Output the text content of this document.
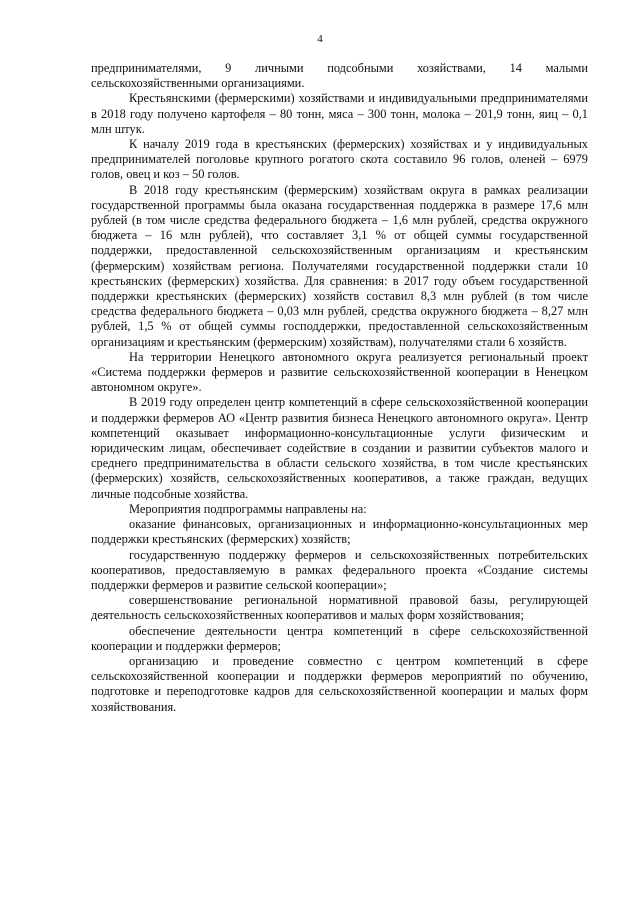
4

предпринимателями, 9 личными подсобными хозяйствами, 14 малыми сельскохозяйственными организациями.

Крестьянскими (фермерскими) хозяйствами и индивидуальными предпринимателями в 2018 году получено картофеля – 80 тонн, мяса – 300 тонн, молока – 201,9 тонн, яиц – 0,1 млн штук.

К началу 2019 года в крестьянских (фермерских) хозяйствах и у индивидуальных предпринимателей поголовье крупного рогатого скота составило 96 голов, оленей – 6979 голов, овец и коз – 50 голов.

В 2018 году крестьянским (фермерским) хозяйствам округа в рамках реализации государственной программы была оказана государственная поддержка в размере 17,6 млн рублей (в том числе средства федерального бюджета – 1,6 млн рублей, средства окружного бюджета – 16 млн рублей), что составляет 3,1 % от общей суммы государственной поддержки, предоставленной сельскохозяйственным организациям и крестьянским (фермерским) хозяйствам региона. Получателями государственной поддержки стали 10 крестьянских (фермерских) хозяйства. Для сравнения: в 2017 году объем государственной поддержки крестьянских (фермерских) хозяйств составил 8,3 млн рублей (в том числе средства федерального бюджета – 0,03 млн рублей, средства окружного бюджета – 8,27 млн рублей, 1,5 % от общей суммы господдержки, предоставленной сельскохозяйственным организациям и крестьянским (фермерским) хозяйствам), получателями стали 6 хозяйств.

На территории Ненецкого автономного округа реализуется региональный проект «Система поддержки фермеров и развитие сельскохозяйственной кооперации в Ненецком автономном округе».

В 2019 году определен центр компетенций в сфере сельскохозяйственной кооперации и поддержки фермеров АО «Центр развития бизнеса Ненецкого автономного округа». Центр компетенций оказывает информационно-консультационные услуги физическим и юридическим лицам, обеспечивает содействие в создании и развитии субъектов малого и среднего предпринимательства в области сельского хозяйства, в том числе крестьянских (фермерских) хозяйств, сельскохозяйственных кооперативов, а также граждан, ведущих личные подсобные хозяйства.

Мероприятия подпрограммы направлены на:

оказание финансовых, организационных и информационно-консультационных мер поддержки крестьянских (фермерских) хозяйств;

государственную поддержку фермеров и сельскохозяйственных потребительских кооперативов, предоставляемую в рамках федерального проекта «Создание системы поддержки фермеров и развитие сельской кооперации»;

совершенствование региональной нормативной правовой базы, регулирующей деятельность сельскохозяйственных кооперативов и малых форм хозяйствования;

обеспечение деятельности центра компетенций в сфере сельскохозяйственной кооперации и поддержки фермеров;

организацию и проведение совместно с центром компетенций в сфере сельскохозяйственной кооперации и поддержки фермеров мероприятий по обучению, подготовке и переподготовке кадров для сельскохозяйственной кооперации и малых форм хозяйствования.
